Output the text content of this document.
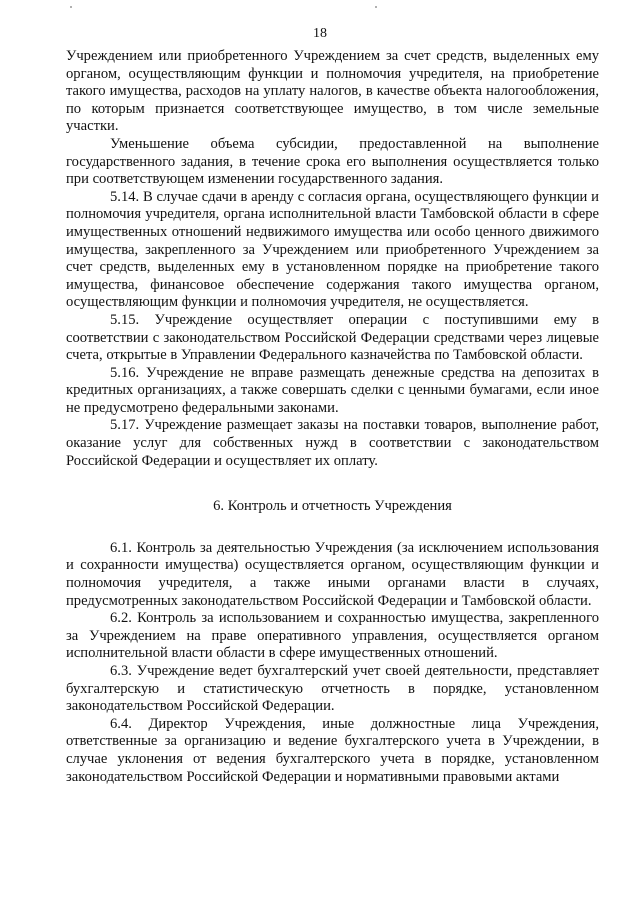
18

Учреждением или приобретенного Учреждением за счет средств, выделенных ему органом, осуществляющим функции и полномочия учредителя, на приобретение такого имущества, расходов на уплату налогов, в качестве объекта налогообложения, по которым признается соответствующее имущество, в том числе земельные участки.

Уменьшение объема субсидии, предоставленной на выполнение государственного задания, в течение срока его выполнения осуществляется только при соответствующем изменении государственного задания.

5.14. В случае сдачи в аренду с согласия органа, осуществляющего функции и полномочия учредителя, органа исполнительной власти Тамбовской области в сфере имущественных отношений недвижимого имущества или особо ценного движимого имущества, закрепленного за Учреждением или приобретенного Учреждением за счет средств, выделенных ему в установленном порядке на приобретение такого имущества, финансовое обеспечение содержания такого имущества органом, осуществляющим функции и полномочия учредителя, не осуществляется.

5.15. Учреждение осуществляет операции с поступившими ему в соответствии с законодательством Российской Федерации средствами через лицевые счета, открытые в Управлении Федерального казначейства по Тамбовской области.

5.16. Учреждение не вправе размещать денежные средства на депозитах в кредитных организациях, а также совершать сделки с ценными бумагами, если иное не предусмотрено федеральными законами.

5.17. Учреждение размещает заказы на поставки товаров, выполнение работ, оказание услуг для собственных нужд в соответствии с законодательством Российской Федерации и осуществляет их оплату.

6. Контроль и отчетность Учреждения

6.1. Контроль за деятельностью Учреждения (за исключением использования и сохранности имущества) осуществляется органом, осуществляющим функции и полномочия учредителя, а также иными органами власти в случаях, предусмотренных законодательством Российской Федерации и Тамбовской области.

6.2. Контроль за использованием и сохранностью имущества, закрепленного за Учреждением на праве оперативного управления, осуществляется органом исполнительной власти области в сфере имущественных отношений.

6.3. Учреждение ведет бухгалтерский учет своей деятельности, представляет бухгалтерскую и статистическую отчетность в порядке, установленном законодательством Российской Федерации.

6.4. Директор Учреждения, иные должностные лица Учреждения, ответственные за организацию и ведение бухгалтерского учета в Учреждении, в случае уклонения от ведения бухгалтерского учета в порядке, установленном законодательством Российской Федерации и нормативными правовыми актами
